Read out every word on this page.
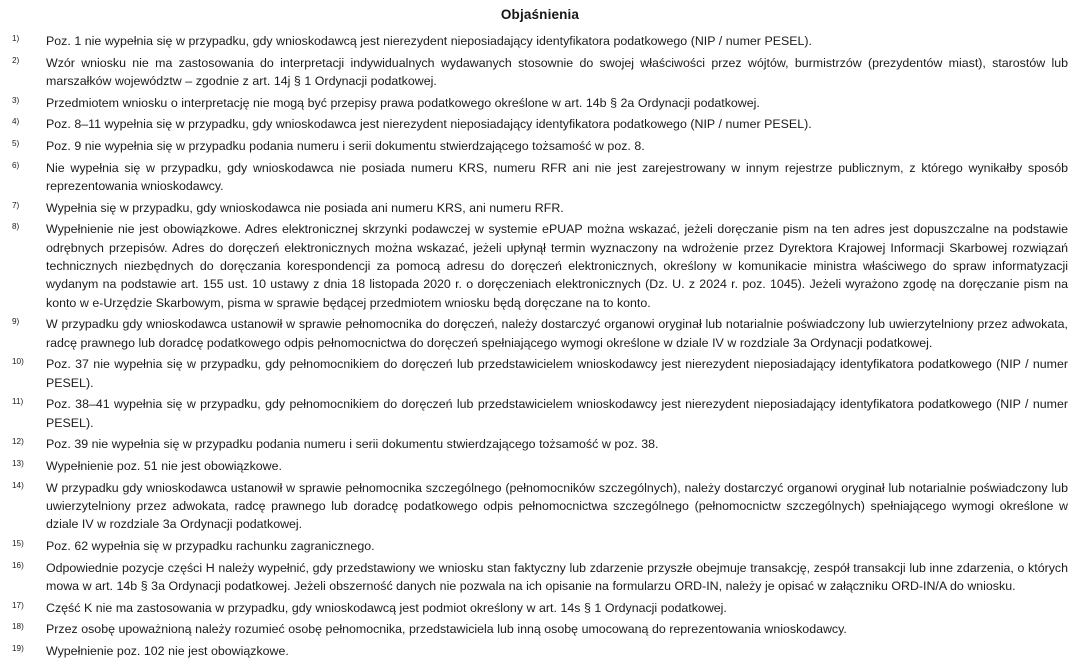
Objaśnienia
1)	Poz. 1 nie wypełnia się w przypadku, gdy wnioskodawcą jest nierezydent nieposiadający identyfikatora podatkowego (NIP / numer PESEL).
2)	Wzór wniosku nie ma zastosowania do interpretacji indywidualnych wydawanych stosownie do swojej właściwości przez wójtów, burmistrzów (prezydentów miast), starostów lub marszałków województw – zgodnie z art. 14j § 1 Ordynacji podatkowej.
3)	Przedmiotem wniosku o interpretację nie mogą być przepisy prawa podatkowego określone w art. 14b § 2a Ordynacji podatkowej.
4)	Poz. 8–11 wypełnia się w przypadku, gdy wnioskodawca jest nierezydent nieposiadający identyfikatora podatkowego (NIP / numer PESEL).
5)	Poz. 9 nie wypełnia się w przypadku podania numeru i serii dokumentu stwierdzającego tożsamość w poz. 8.
6)	Nie wypełnia się w przypadku, gdy wnioskodawca nie posiada numeru KRS, numeru RFR ani nie jest zarejestrowany w innym rejestrze publicznym, z którego wynikałby sposób reprezentowania wnioskodawcy.
7)	Wypełnia się w przypadku, gdy wnioskodawca nie posiada ani numeru KRS, ani numeru RFR.
8)	Wypełnienie nie jest obowiązkowe. Adres elektronicznej skrzynki podawczej w systemie ePUAP można wskazać, jeżeli doręczanie pism na ten adres jest dopuszczalne na podstawie odrębnych przepisów. Adres do doręczeń elektronicznych można wskazać, jeżeli upłynął termin wyznaczony na wdrożenie przez Dyrektora Krajowej Informacji Skarbowej rozwiązań technicznych niezbędnych do doręczania korespondencji za pomocą adresu do doręczeń elektronicznych, określony w komunikacie ministra właściwego do spraw informatyzacji wydanym na podstawie art. 155 ust. 10 ustawy z dnia 18 listopada 2020 r. o doręczeniach elektronicznych (Dz. U. z 2024 r. poz. 1045). Jeżeli wyrażono zgodę na doręczanie pism na konto w e-Urzędzie Skarbowym, pisma w sprawie będącej przedmiotem wniosku będą doręczane na to konto.
9)	W przypadku gdy wnioskodawca ustanowił w sprawie pełnomocnika do doręczeń, należy dostarczyć organowi oryginał lub notarialnie poświadczony lub uwierzytelniony przez adwokata, radcę prawnego lub doradcę podatkowego odpis pełnomocnictwa do doręczeń spełniającego wymogi określone w dziale IV w rozdziale 3a Ordynacji podatkowej.
10)	Poz. 37 nie wypełnia się w przypadku, gdy pełnomocnikiem do doręczeń lub przedstawicielem wnioskodawcy jest nierezydent nieposiadający identyfikatora podatkowego (NIP / numer PESEL).
11)	Poz. 38–41 wypełnia się w przypadku, gdy pełnomocnikiem do doręczeń lub przedstawicielem wnioskodawcy jest nierezydent nieposiadający identyfikatora podatkowego (NIP / numer PESEL).
12)	Poz. 39 nie wypełnia się w przypadku podania numeru i serii dokumentu stwierdzającego tożsamość w poz. 38.
13)	Wypełnienie poz. 51 nie jest obowiązkowe.
14)	W przypadku gdy wnioskodawca ustanowił w sprawie pełnomocnika szczególnego (pełnomocników szczególnych), należy dostarczyć organowi oryginał lub notarialnie poświadczony lub uwierzytelniony przez adwokata, radcę prawnego lub doradcę podatkowego odpis pełnomocnictwa szczególnego (pełnomocnictw szczególnych) spełniającego wymogi określone w dziale IV w rozdziale 3a Ordynacji podatkowej.
15)	Poz. 62 wypełnia się w przypadku rachunku zagranicznego.
16)	Odpowiednie pozycje części H należy wypełnić, gdy przedstawiony we wniosku stan faktyczny lub zdarzenie przyszłe obejmuje transakcję, zespół transakcji lub inne zdarzenia, o których mowa w art. 14b § 3a Ordynacji podatkowej. Jeżeli obszerność danych nie pozwala na ich opisanie na formularzu ORD-IN, należy je opisać w załączniku ORD-IN/A do wniosku.
17)	Część K nie ma zastosowania w przypadku, gdy wnioskodawcą jest podmiot określony w art. 14s § 1 Ordynacji podatkowej.
18)	Przez osobę upoważnioną należy rozumieć osobę pełnomocnika, przedstawiciela lub inną osobę umocowaną do reprezentowania wnioskodawcy.
19)	Wypełnienie poz. 102 nie jest obowiązkowe.
